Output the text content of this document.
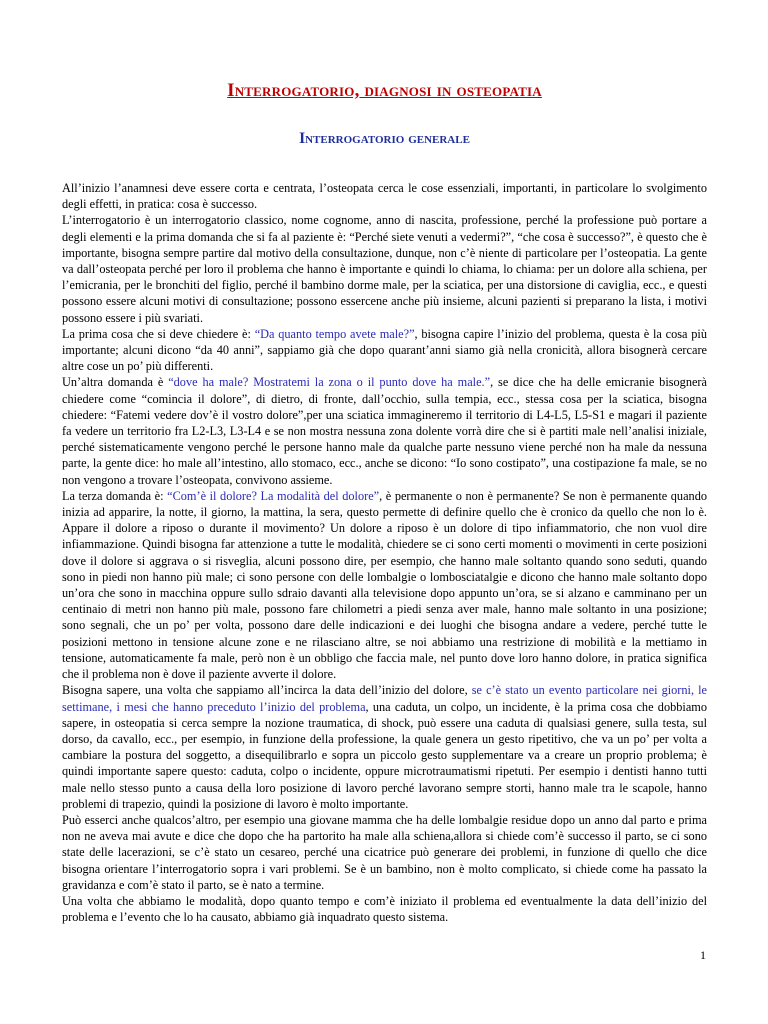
Interrogatorio, diagnosi in osteopatia
Interrogatorio generale

All’inizio l’anamnesi deve essere corta e centrata, l’osteopata cerca le cose essenziali, importanti, in particolare lo svolgimento degli effetti, in pratica: cosa è successo.

L’interrogatorio è un interrogatorio classico, nome cognome, anno di nascita, professione, perché la professione può portare a degli elementi e la prima domanda che si fa al paziente è: “Perché siete venuti a vedermi?”, “che cosa è successo?”, è questo che è importante, bisogna sempre partire dal motivo della consultazione, dunque, non c’è niente di particolare per l’osteopatia. La gente va dall’osteopata perché per loro il problema che hanno è importante e quindi lo chiama, lo chiama: per un dolore alla schiena, per l’emicrania, per le bronchiti del figlio, perché il bambino dorme male, per la sciatica, per una distorsione di caviglia, ecc., e questi possono essere alcuni motivi di consultazione; possono essercene anche più insieme, alcuni pazienti si preparano la lista, i motivi possono essere i più svariati.

La prima cosa che si deve chiedere è: “Da quanto tempo avete male?”, bisogna capire l’inizio del problema, questa è la cosa più importante; alcuni dicono “da 40 anni”, sappiamo già che dopo quarant’anni siamo già nella cronicità, allora bisognerà cercare altre cose un po’ più differenti.

Un’altra domanda è “dove ha male? Mostratemi la zona o il punto dove ha male.”, se dice che ha delle emicranie bisognerà chiedere come “comincia il dolore”, di dietro, di fronte, dall’occhio, sulla tempia, ecc., stessa cosa per la sciatica, bisogna chiedere: “Fatemi vedere dov’è il vostro dolore”,per una sciatica immagineremo il territorio di L4-L5, L5-S1 e magari il paziente fa vedere un territorio fra L2-L3, L3-L4 e se non mostra nessuna zona dolente vorrà dire che si è partiti male nell’analisi iniziale, perché sistematicamente vengono perché le persone hanno male da qualche parte nessuno viene perché non ha male da nessuna parte, la gente dice: ho male all’intestino, allo stomaco, ecc., anche se dicono: “Io sono costipato”, una costipazione fa male, se no non vengono a trovare l’osteopata, convivono assieme.

La terza domanda è: “Com’è il dolore? La modalità del dolore”, è permanente o non è permanente? Se non è permanente quando inizia ad apparire, la notte, il giorno, la mattina, la sera, questo permette di definire quello che è cronico da quello che non lo è. Appare il dolore a riposo o durante il movimento? Un dolore a riposo è un dolore di tipo infiammatorio, che non vuol dire infiammazione. Quindi bisogna far attenzione a tutte le modalità, chiedere se ci sono certi momenti o movimenti in certe posizioni dove il dolore si aggrava o si risveglia, alcuni possono dire, per esempio, che hanno male soltanto quando sono seduti, quando sono in piedi non hanno più male; ci sono persone con delle lombalgie o lombosciatalgie e dicono che hanno male soltanto dopo un’ora che sono in macchina oppure sullo sdraio davanti alla televisione dopo appunto un’ora, se si alzano e camminano per un centinaio di metri non hanno più male, possono fare chilometri a piedi senza aver male, hanno male soltanto in una posizione; sono segnali, che un po’ per volta, possono dare delle indicazioni e dei luoghi che bisogna andare a vedere, perché tutte le posizioni mettono in tensione alcune zone e ne rilasciano altre, se noi abbiamo una restrizione di mobilità e la mettiamo in tensione, automaticamente fa male, però non è un obbligo che faccia male, nel punto dove loro hanno dolore, in pratica significa che il problema non è dove il paziente avverte il dolore.

Bisogna sapere, una volta che sappiamo all’incirca la data dell’inizio del dolore, se c’è stato un evento particolare nei giorni, le settimane, i mesi che hanno preceduto l’inizio del problema, una caduta, un colpo, un incidente, è la prima cosa che dobbiamo sapere, in osteopatia si cerca sempre la nozione traumatica, di shock, può essere una caduta di qualsiasi genere, sulla testa, sul dorso, da cavallo, ecc., per esempio, in funzione della professione, la quale genera un gesto ripetitivo, che va un po’ per volta a cambiare la postura del soggetto, a disequilibrarlo e sopra un piccolo gesto supplementare va a creare un proprio problema; è quindi importante sapere questo: caduta, colpo o incidente, oppure microtraumatismi ripetuti. Per esempio i dentisti hanno tutti male nello stesso punto a causa della loro posizione di lavoro perché lavorano sempre storti, hanno male tra le scapole, hanno problemi di trapezio, quindi la posizione di lavoro è molto importante.

Può esserci anche qualcos’altro, per esempio una giovane mamma che ha delle lombalgie residue dopo un anno dal parto e prima non ne aveva mai avute e dice che dopo che ha partorito ha male alla schiena,allora si chiede com’è successo il parto, se ci sono state delle lacerazioni, se c’è stato un cesareo, perché una cicatrice può generare dei problemi, in funzione di quello che dice bisogna orientare l’interrogatorio sopra i vari problemi. Se è un bambino, non è molto complicato, si chiede come ha passato la gravidanza e com’è stato il parto, se è nato a termine.

Una volta che abbiamo le modalità, dopo quanto tempo e com’è iniziato il problema ed eventualmente la data dell’inizio del problema e l’evento che lo ha causato, abbiamo già inquadrato questo sistema.

1
